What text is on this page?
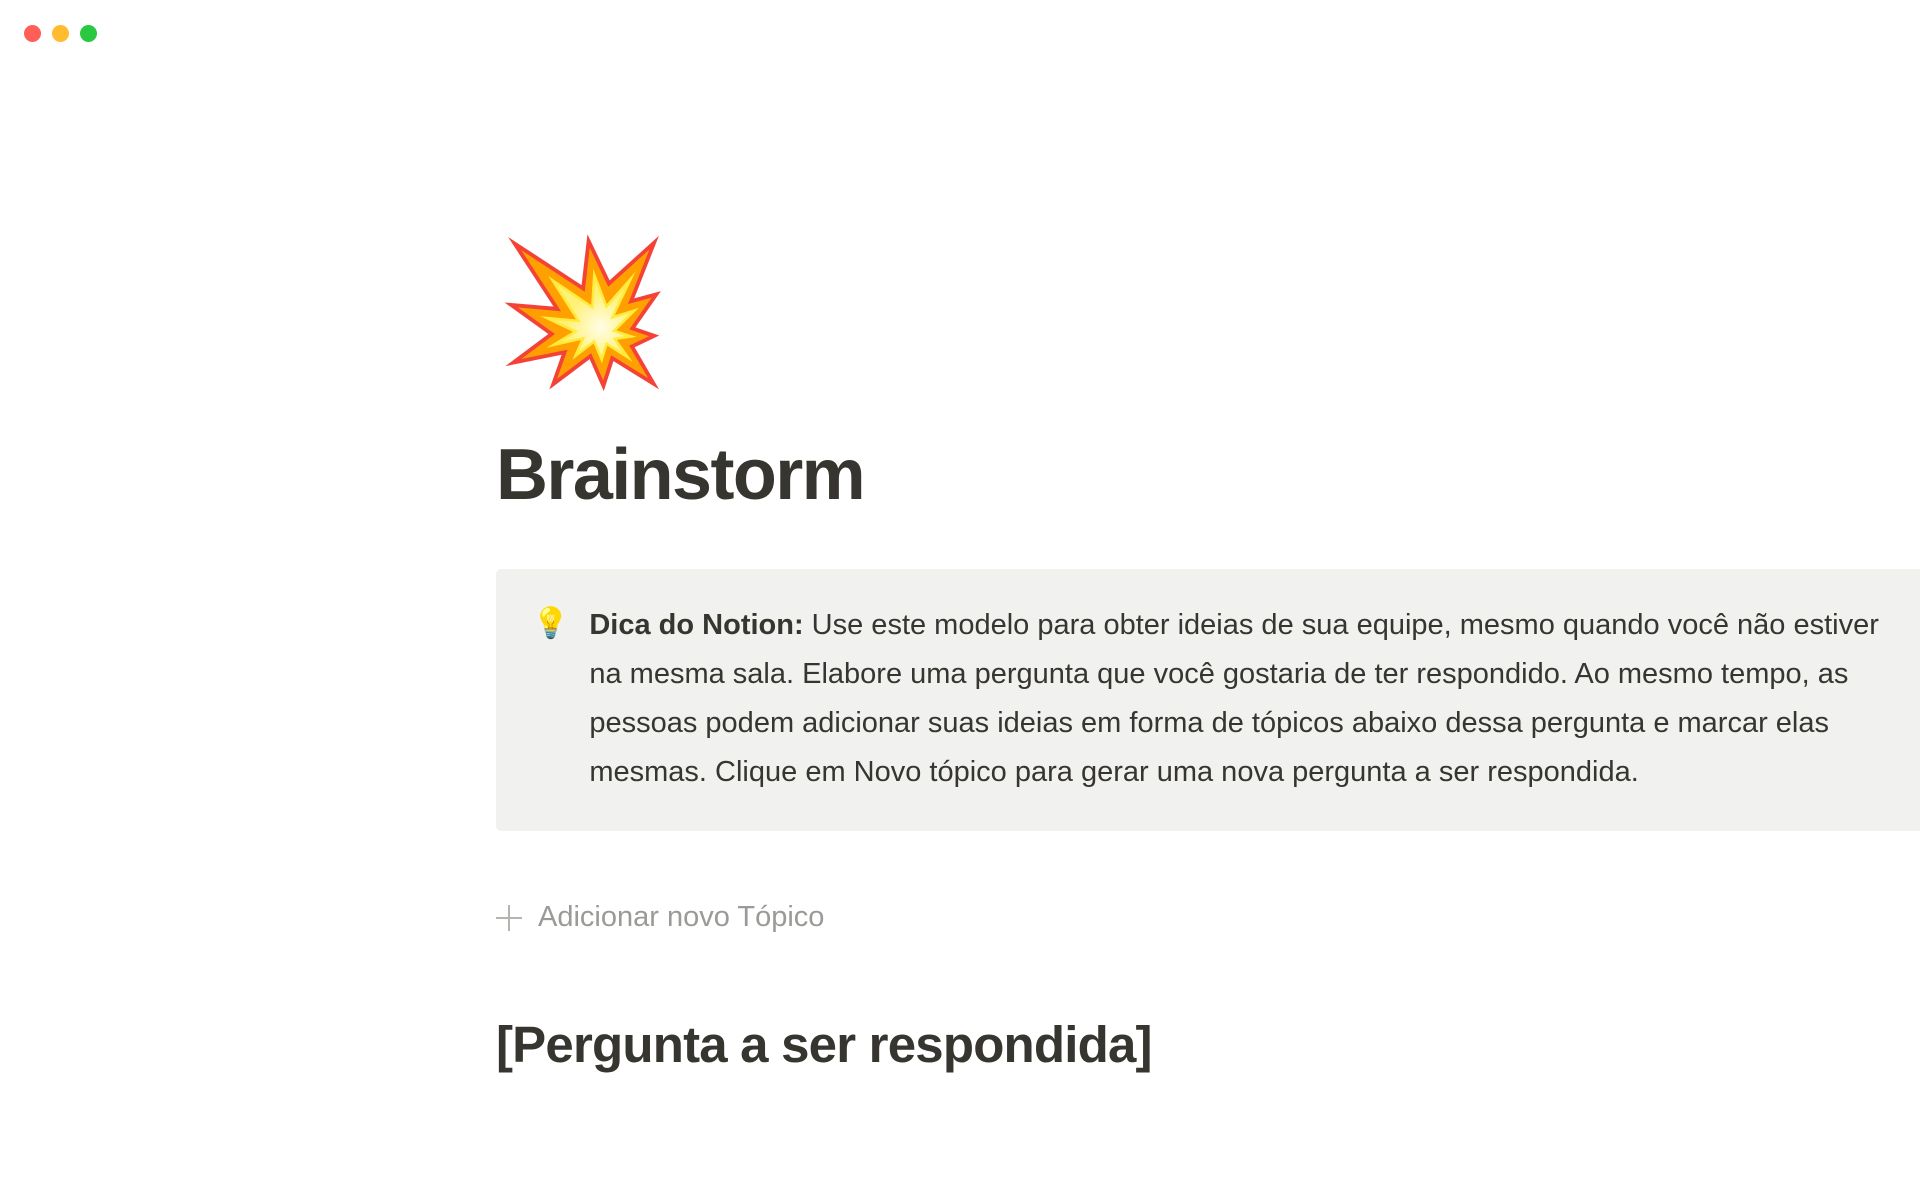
💥
Brainstorm
💡 Dica do Notion: Use este modelo para obter ideias de sua equipe, mesmo quando você não estiver na mesma sala. Elabore uma pergunta que você gostaria de ter respondido. Ao mesmo tempo, as pessoas podem adicionar suas ideias em forma de tópicos abaixo dessa pergunta e marcar elas mesmas. Clique em Novo tópico para gerar uma nova pergunta a ser respondida.
Adicionar novo Tópico
[Pergunta a ser respondida]
